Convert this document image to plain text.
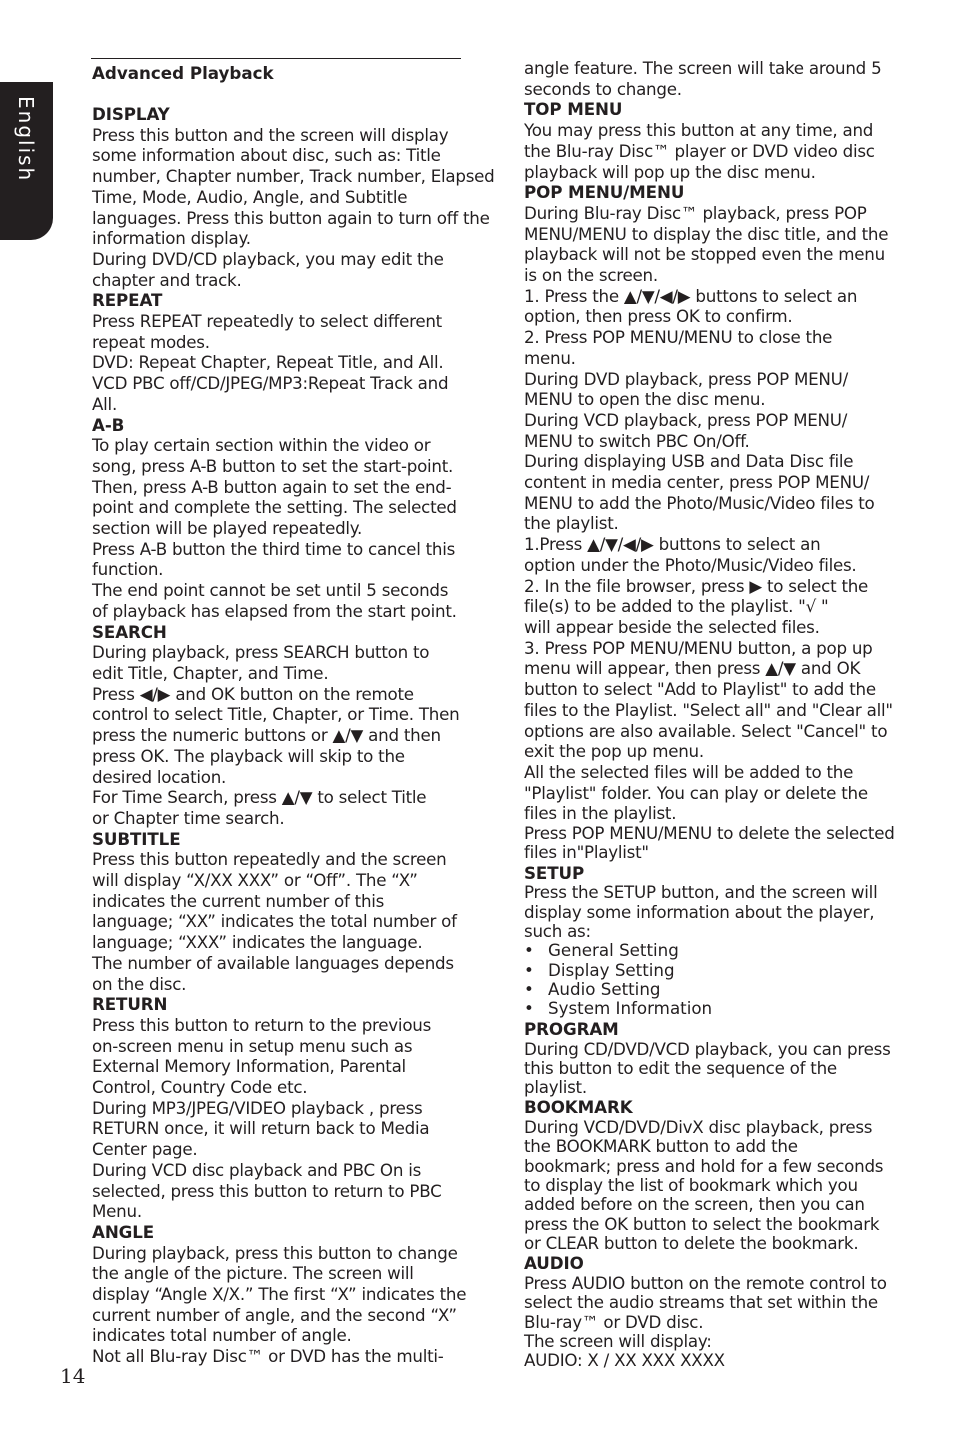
English
Advanced Playback
DISPLAY
Press this button and the screen will display
some information about disc, such as: Title
number, Chapter number, Track number, Elapsed
Time, Mode, Audio, Angle, and Subtitle
languages. Press this button again to turn off the
information display.
During DVD/CD playback, you may edit the
chapter and track.
REPEAT
Press REPEAT repeatedly to select different
repeat modes.
DVD: Repeat Chapter, Repeat Title, and All.
VCD PBC off/CD/JPEG/MP3:Repeat Track and
All.
A-B
To play certain section within the video or
song, press A-B button to set the start-point.
Then, press A-B button again to set the end-
point and complete the setting. The selected
section will be played repeatedly.
Press A-B button the third time to cancel this
function.
The end point cannot be set until 5 seconds
of playback has elapsed from the start point.
SEARCH
During playback, press SEARCH button to
edit Title, Chapter, and Time.
Press ◀/▶ and OK button on the remote
control to select Title, Chapter, or Time. Then
press the numeric buttons or ▲/▼ and then
press OK. The playback will skip to the
desired location.
For Time Search, press ▲/▼ to select Title
or Chapter time search.
SUBTITLE
Press this button repeatedly and the screen
will display “X/XX XXX” or “Off”. The “X”
indicates the current number of this
language; “XX” indicates the total number of
language; “XXX” indicates the language.
The number of available languages depends
on the disc.
RETURN
Press this button to return to the previous
on-screen menu in setup menu such as
External Memory Information, Parental
Control, Country Code etc.
During MP3/JPEG/VIDEO playback , press
RETURN once, it will return back to Media
Center page.
During VCD disc playback and PBC On is
selected, press this button to return to PBC
Menu.
ANGLE
During playback, press this button to change
the angle of the picture. The screen will
display “Angle X/X.” The first “X” indicates the
current number of angle, and the second “X”
indicates total number of angle.
Not all Blu-ray Disc™ or DVD has the multi-
angle feature. The screen will take around 5
seconds to change.
TOP MENU
You may press this button at any time, and
the Blu-ray Disc™ player or DVD video disc
playback will pop up the disc menu.
POP MENU/MENU
During Blu-ray Disc™ playback, press POP
MENU/MENU to display the disc title, and the
playback will not be stopped even the menu
is on the screen.
1. Press the ▲/▼/◀/▶ buttons to select an
option, then press OK to confirm.
2. Press POP MENU/MENU to close the
menu.
During DVD playback, press POP MENU/
MENU to open the disc menu.
During VCD playback, press POP MENU/
MENU to switch PBC On/Off.
During displaying USB and Data Disc file
content in media center, press POP MENU/
MENU to add the Photo/Music/Video files to
the playlist.
1.Press ▲/▼/◀/▶ buttons to select an
option under the Photo/Music/Video files.
2. In the file browser, press ▶ to select the
file(s) to be added to the playlist. "√ "
will appear beside the selected files.
3. Press POP MENU/MENU button, a pop up
menu will appear, then press ▲/▼ and OK
button to select "Add to Playlist" to add the
files to the Playlist. "Select all" and "Clear all"
options are also available. Select "Cancel" to
exit the pop up menu.
All the selected files will be added to the
"Playlist" folder. You can play or delete the
files in the playlist.
Press POP MENU/MENU to delete the selected
files in"Playlist"
SETUP
Press the SETUP button, and the screen will
display some information about the player,
such as:
• General Setting
• Display Setting
• Audio Setting
• System Information
PROGRAM
During CD/DVD/VCD playback, you can press
this button to edit the sequence of the
playlist.
BOOKMARK
During VCD/DVD/DivX disc playback, press
the BOOKMARK button to add the
bookmark; press and hold for a few seconds
to display the list of bookmark which you
added before on the screen, then you can
press the OK button to select the bookmark
or CLEAR button to delete the bookmark.
AUDIO
Press AUDIO button on the remote control to
select the audio streams that set within the
Blu-ray™ or DVD disc.
The screen will display:
AUDIO: X / XX XXX XXXX
14
